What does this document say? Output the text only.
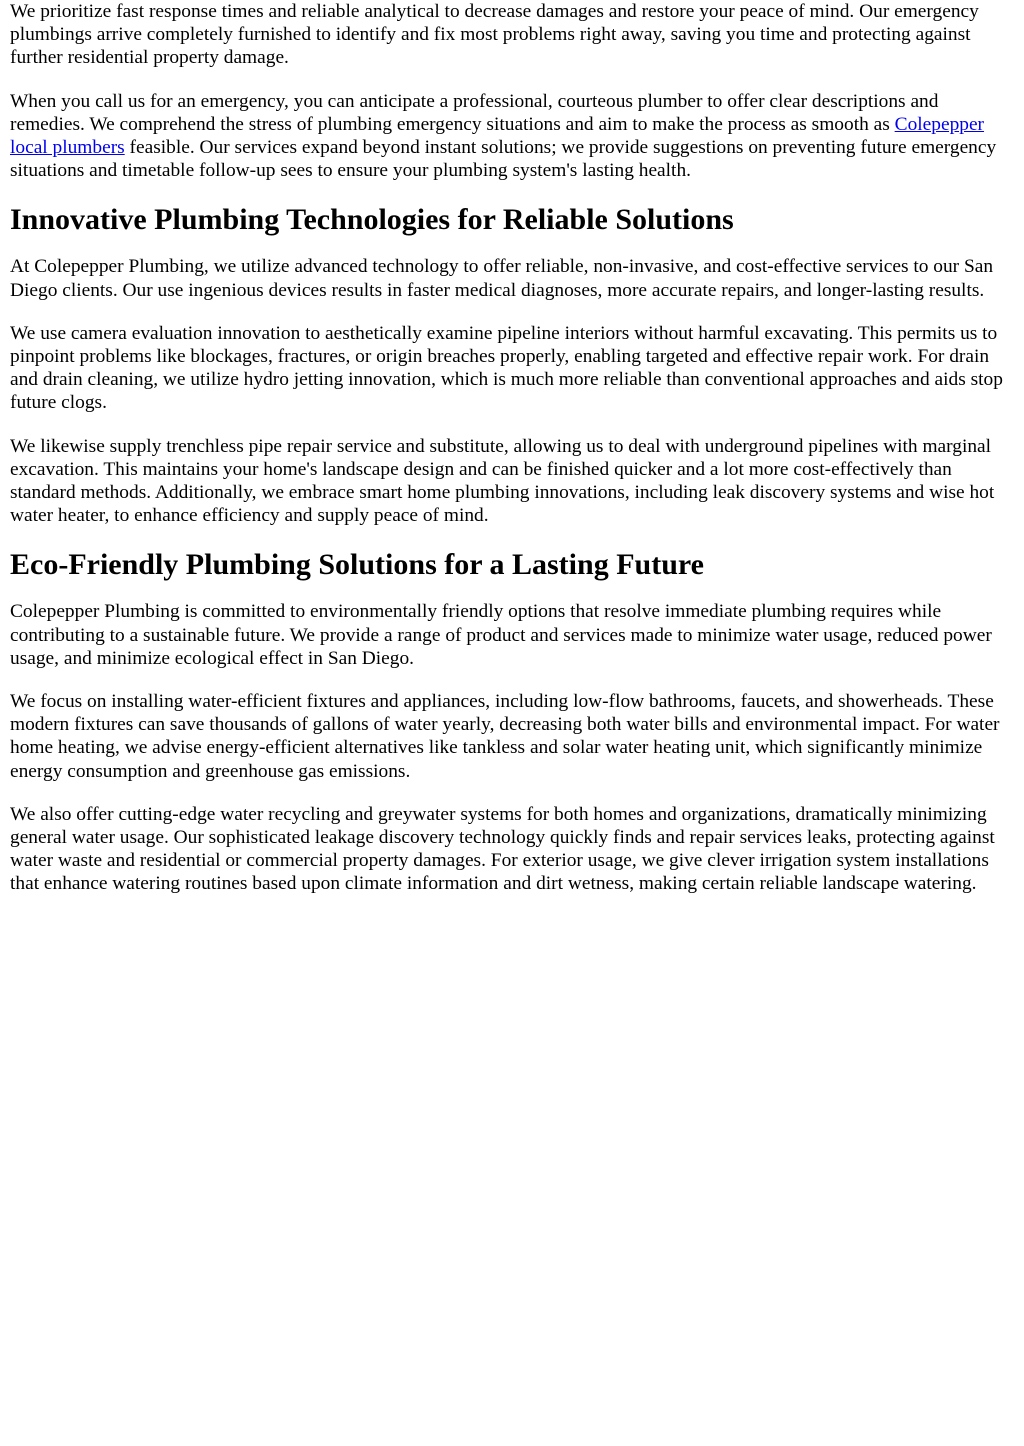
We prioritize fast response times and reliable analytical to decrease damages and restore your peace of mind. Our emergency plumbings arrive completely furnished to identify and fix most problems right away, saving you time and protecting against further residential property damage.

When you call us for an emergency, you can anticipate a professional, courteous plumber to offer clear descriptions and remedies. We comprehend the stress of plumbing emergency situations and aim to make the process as smooth as Colepepper local plumbers feasible. Our services expand beyond instant solutions; we provide suggestions on preventing future emergency situations and timetable follow-up sees to ensure your plumbing system's lasting health.

Innovative Plumbing Technologies for Reliable Solutions

At Colepepper Plumbing, we utilize advanced technology to offer reliable, non-invasive, and cost-effective services to our San Diego clients. Our use ingenious devices results in faster medical diagnoses, more accurate repairs, and longer-lasting results.

We use camera evaluation innovation to aesthetically examine pipeline interiors without harmful excavating. This permits us to pinpoint problems like blockages, fractures, or origin breaches properly, enabling targeted and effective repair work. For drain and drain cleaning, we utilize hydro jetting innovation, which is much more reliable than conventional approaches and aids stop future clogs.

We likewise supply trenchless pipe repair service and substitute, allowing us to deal with underground pipelines with marginal excavation. This maintains your home's landscape design and can be finished quicker and a lot more cost-effectively than standard methods. Additionally, we embrace smart home plumbing innovations, including leak discovery systems and wise hot water heater, to enhance efficiency and supply peace of mind.

Eco-Friendly Plumbing Solutions for a Lasting Future

Colepepper Plumbing is committed to environmentally friendly options that resolve immediate plumbing requires while contributing to a sustainable future. We provide a range of product and services made to minimize water usage, reduced power usage, and minimize ecological effect in San Diego.

We focus on installing water-efficient fixtures and appliances, including low-flow bathrooms, faucets, and showerheads. These modern fixtures can save thousands of gallons of water yearly, decreasing both water bills and environmental impact. For water home heating, we advise energy-efficient alternatives like tankless and solar water heating unit, which significantly minimize energy consumption and greenhouse gas emissions.

We also offer cutting-edge water recycling and greywater systems for both homes and organizations, dramatically minimizing general water usage. Our sophisticated leakage discovery technology quickly finds and repair services leaks, protecting against water waste and residential or commercial property damages. For exterior usage, we give clever irrigation system installations that enhance watering routines based upon climate information and dirt wetness, making certain reliable landscape watering.
